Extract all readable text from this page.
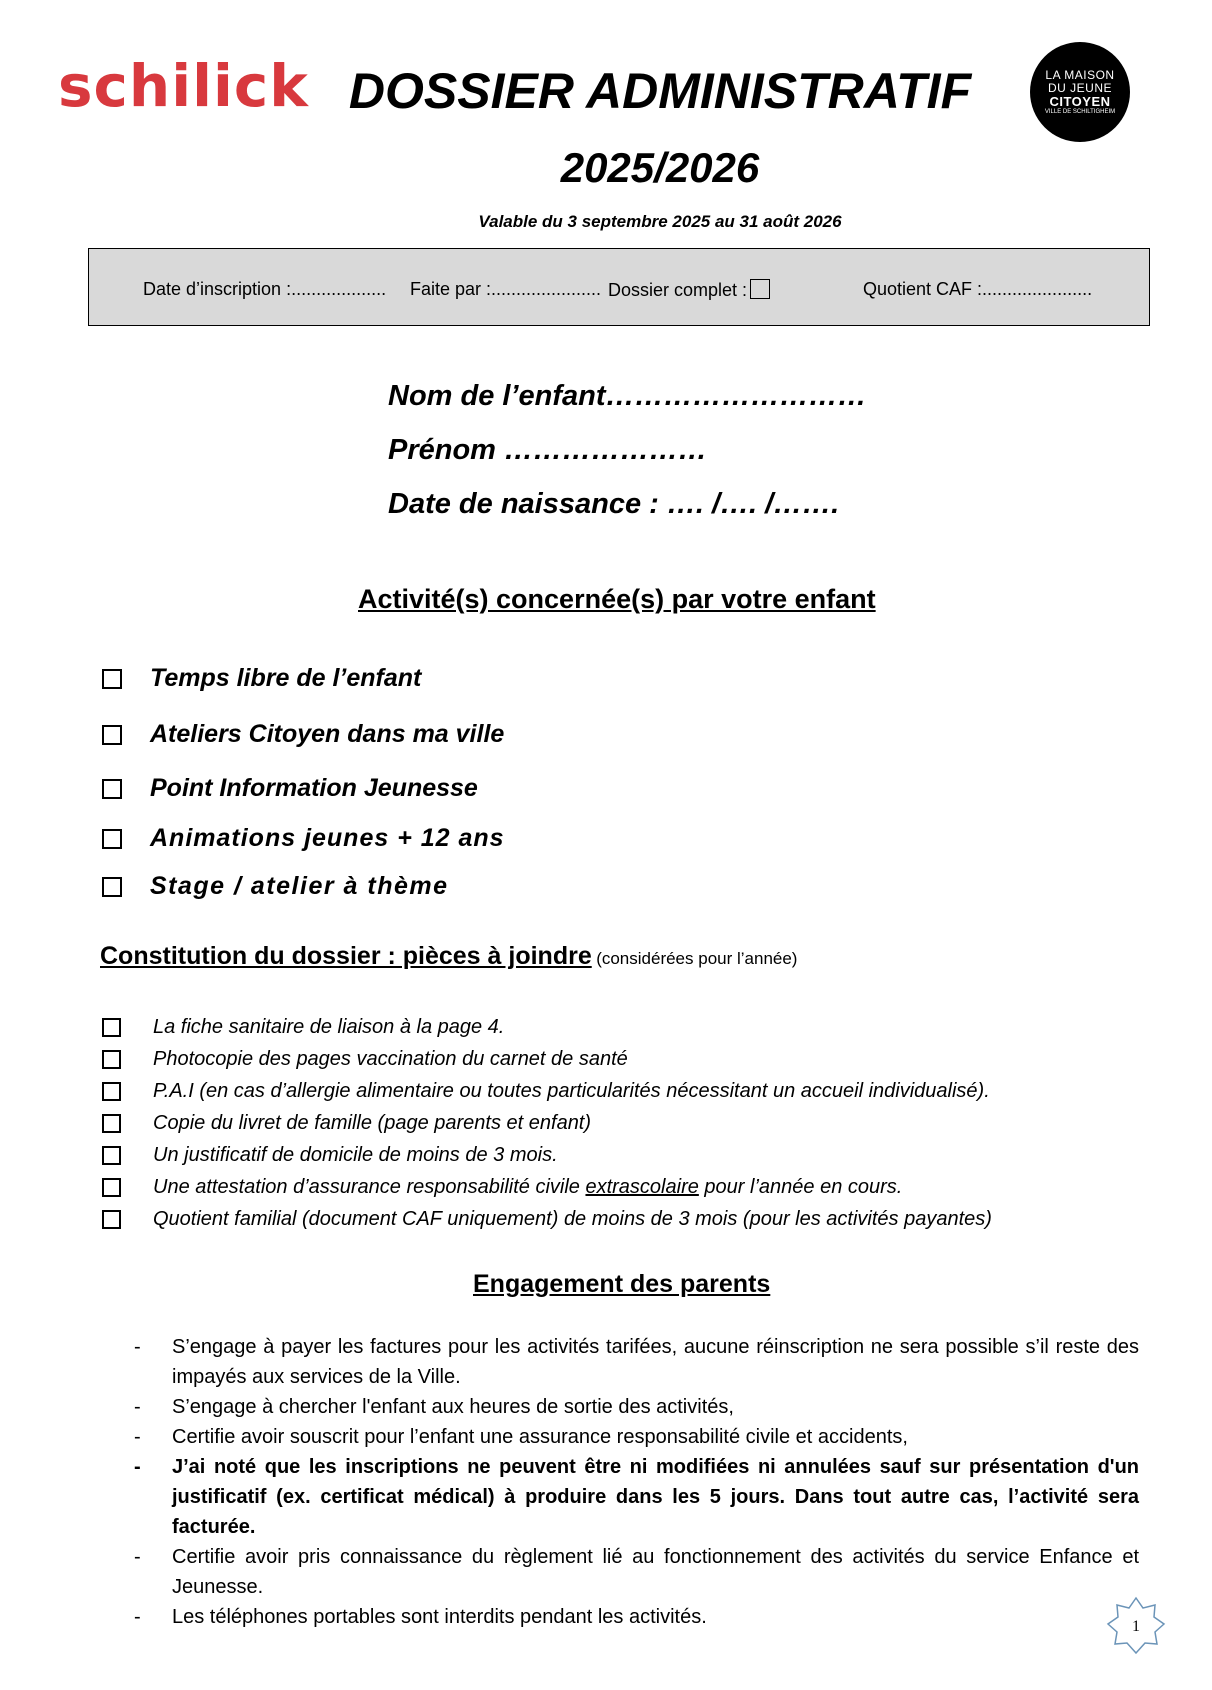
schilick DOSSIER ADMINISTRATIF
2025/2026
Valable du 3 septembre 2025 au 31 août 2026
LA MAISON
DU JEUNE
CITOYEN
VILLE DE SCHILTIGHEIM
Date d’inscription :................... Faite par :...................... Dossier complet :	Quotient CAF :......................
Nom de l’enfant………………………
Prénom …………………
Date de naissance : …. /…. /…….
Activité(s) concernée(s) par votre enfant
Temps libre de l’enfant
Ateliers Citoyen dans ma ville
Point Information Jeunesse
Animations jeunes + 12 ans
Stage / atelier à thème
Constitution du dossier : pièces à joindre (considérées pour l’année)
La fiche sanitaire de liaison à la page 4.
Photocopie des pages vaccination du carnet de santé
P.A.I (en cas d’allergie alimentaire ou toutes particularités nécessitant un accueil individualisé).
Copie du livret de famille (page parents et enfant)
Un justificatif de domicile de moins de 3 mois.
Une attestation d’assurance responsabilité civile extrascolaire pour l’année en cours.
Quotient familial (document CAF uniquement) de moins de 3 mois (pour les activités payantes)
Engagement des parents
-	S’engage à payer les factures pour les activités tarifées, aucune réinscription ne sera possible s’il reste des impayés aux services de la Ville.
-	S’engage à chercher l'enfant aux heures de sortie des activités,
-	Certifie avoir souscrit pour l’enfant une assurance responsabilité civile et accidents,
-	J’ai noté que les inscriptions ne peuvent être ni modifiées ni annulées sauf sur présentation d'un justificatif (ex. certificat médical) à produire dans les 5 jours. Dans tout autre cas, l’activité sera facturée.
-	Certifie avoir pris connaissance du règlement lié au fonctionnement des activités du service Enfance et Jeunesse.
-	Les téléphones portables sont interdits pendant les activités.	1
